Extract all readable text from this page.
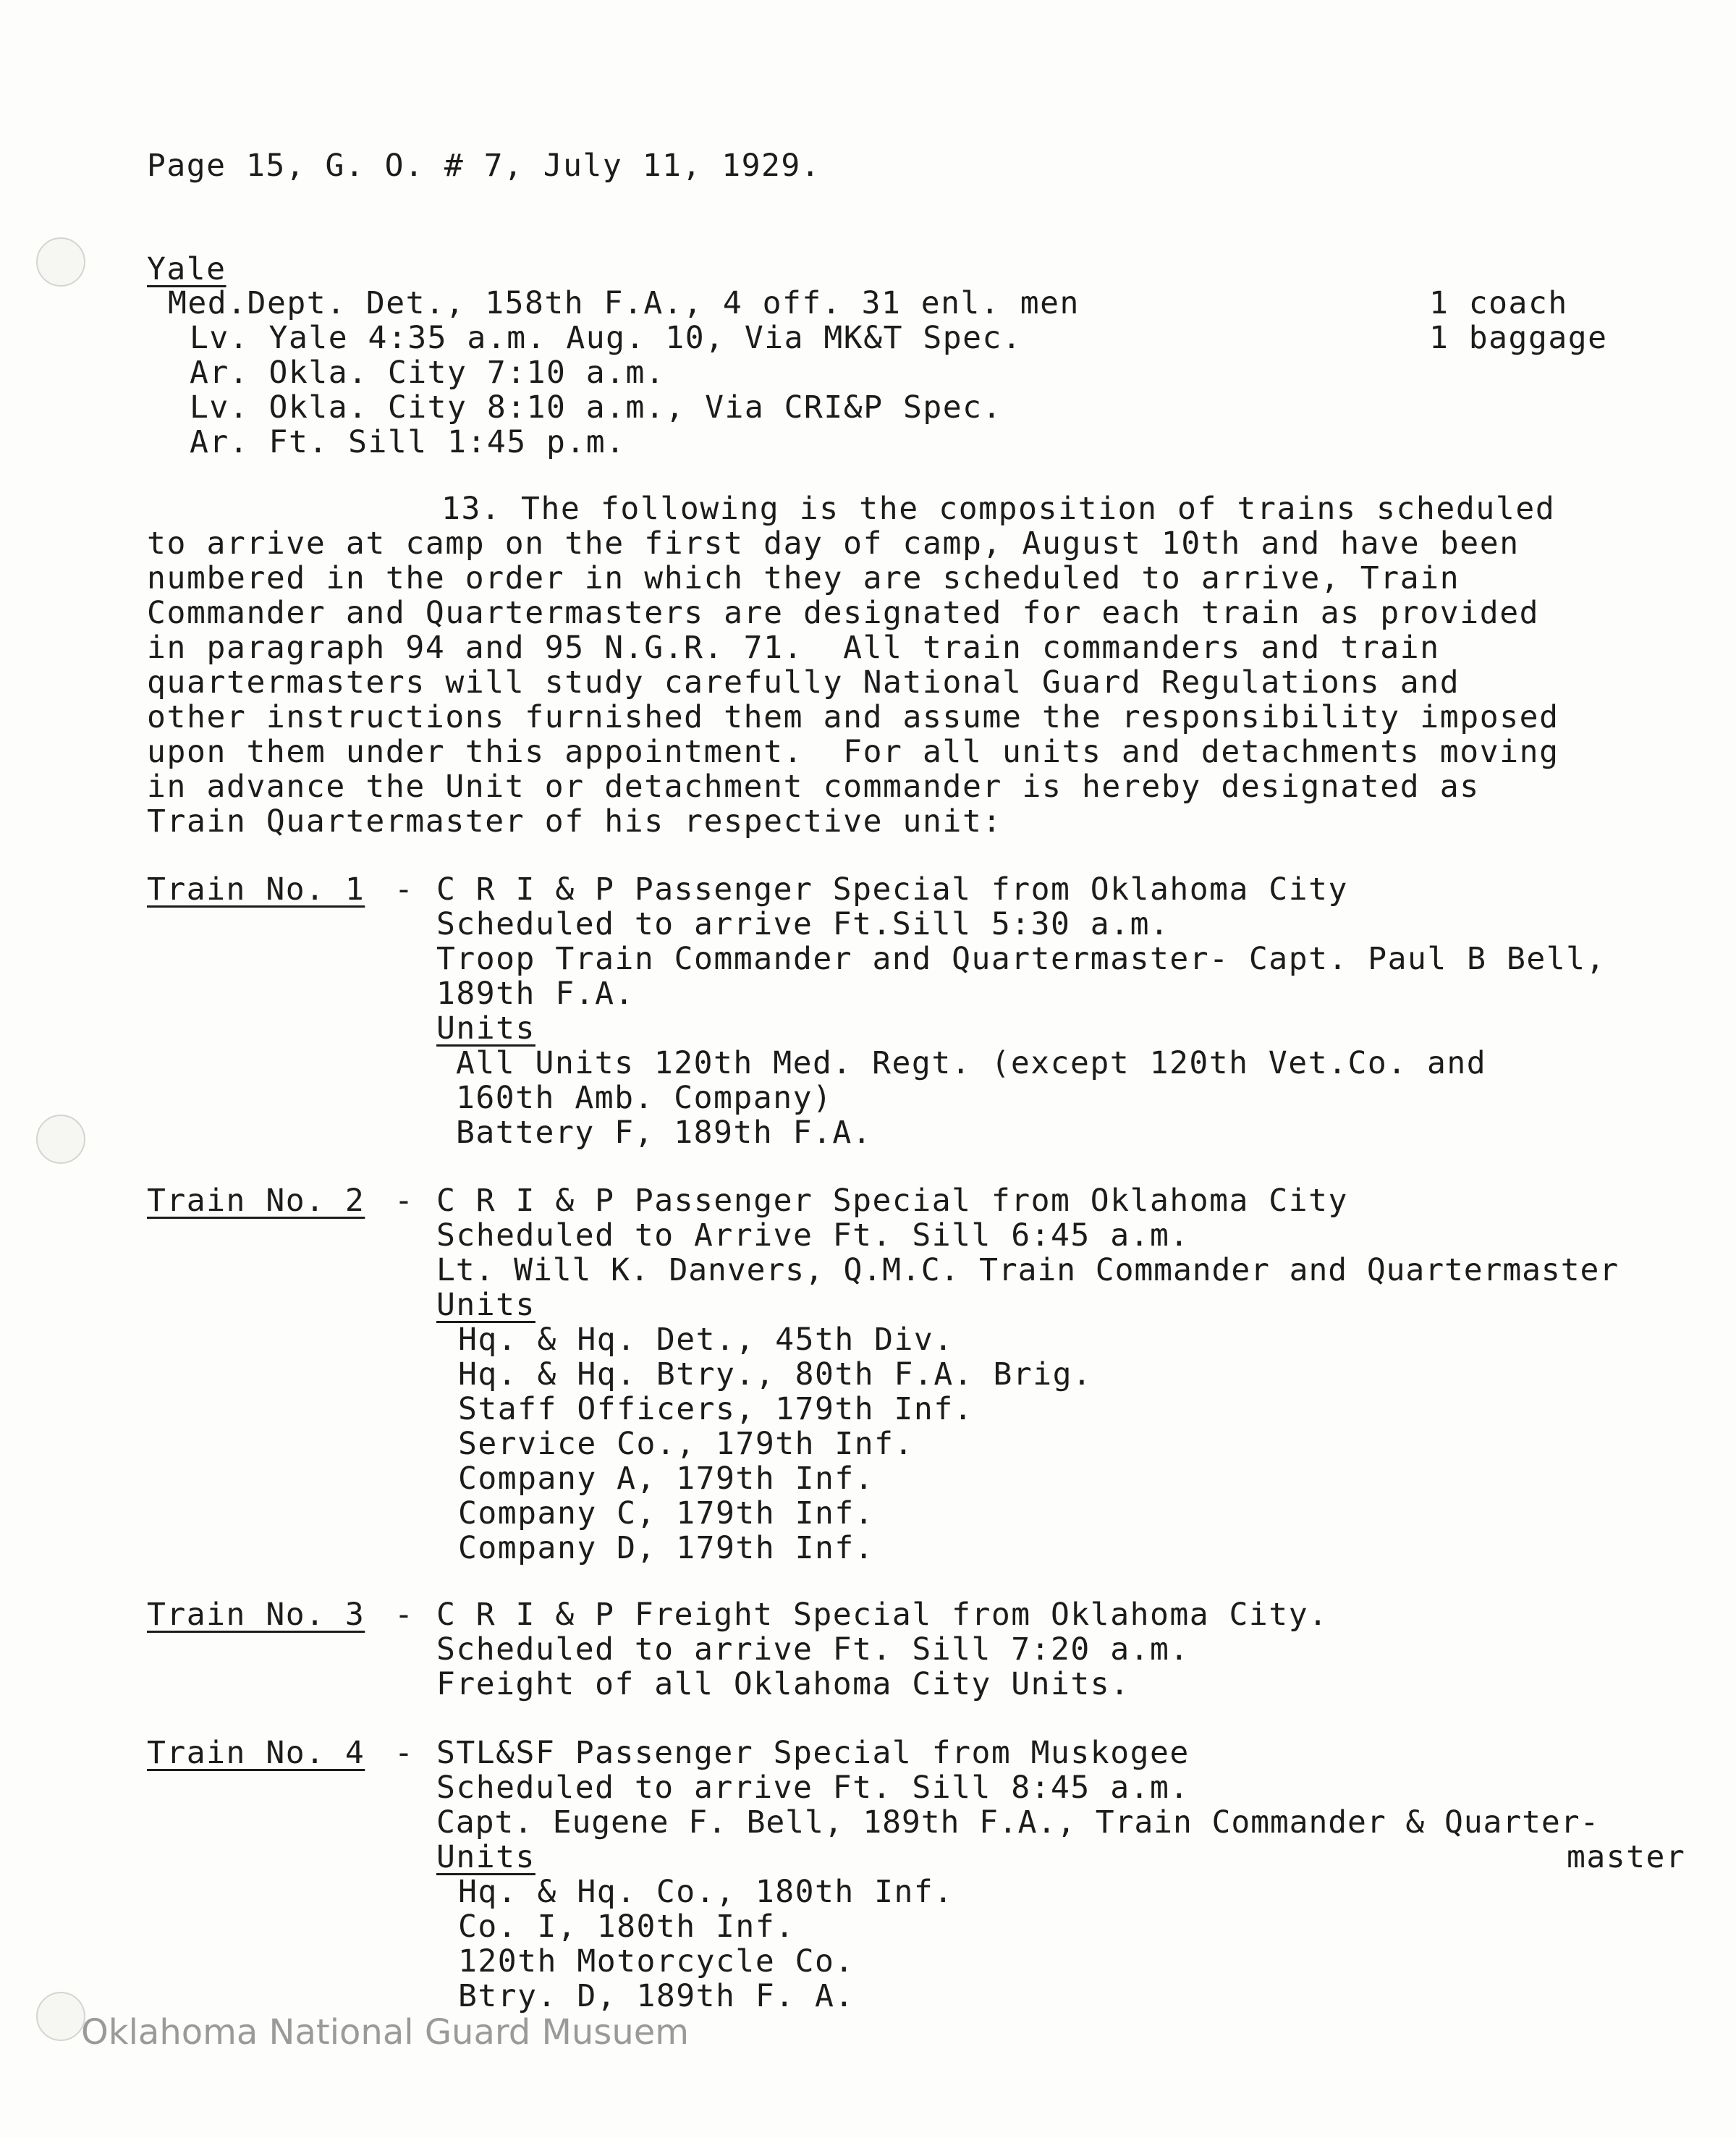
Page 15, G. O. # 7, July 11, 1929.
Yale
Med.Dept. Det., 158th F.A., 4 off. 31 enl. men
Lv. Yale 4:35 a.m. Aug. 10, Via MK&T Spec.
Ar. Okla. City 7:10 a.m.
Lv. Okla. City 8:10 a.m., Via CRI&P Spec.
Ar. Ft. Sill 1:45 p.m.
1 coach
1 baggage
13. The following is the composition of trains scheduled
to arrive at camp on the first day of camp, August 10th and have been
numbered in the order in which they are scheduled to arrive, Train
Commander and Quartermasters are designated for each train as provided
in paragraph 94 and 95 N.G.R. 71.  All train commanders and train
quartermasters will study carefully National Guard Regulations and
other instructions furnished them and assume the responsibility imposed
upon them under this appointment.  For all units and detachments moving
in advance the Unit or detachment commander is hereby designated as
Train Quartermaster of his respective unit:
Train No. 1 - C R I & P Passenger Special from Oklahoma City
Scheduled to arrive Ft.Sill 5:30 a.m.
Troop Train Commander and Quartermaster- Capt. Paul B Bell,
189th F.A.
Units
All Units 120th Med. Regt. (except 120th Vet.Co. and
160th Amb. Company)
Battery F, 189th F.A.
Train No. 2 - C R I & P Passenger Special from Oklahoma City
Scheduled to Arrive Ft. Sill 6:45 a.m.
Lt. Will K. Danvers, Q.M.C. Train Commander and Quartermaster
Units
Hq. & Hq. Det., 45th Div.
Hq. & Hq. Btry., 80th F.A. Brig.
Staff Officers, 179th Inf.
Service Co., 179th Inf.
Company A, 179th Inf.
Company C, 179th Inf.
Company D, 179th Inf.
Train No. 3 - C R I & P Freight Special from Oklahoma City.
Scheduled to arrive Ft. Sill 7:20 a.m.
Freight of all Oklahoma City Units.
Train No. 4 - STL&SF Passenger Special from Muskogee
Scheduled to arrive Ft. Sill 8:45 a.m.
Capt. Eugene F. Bell, 189th F.A., Train Commander & Quarter-
Units	master
Hq. & Hq. Co., 180th Inf.
Co. I, 180th Inf.
120th Motorcycle Co.
Btry. D, 189th F. A.
Oklahoma National Guard Musuem
